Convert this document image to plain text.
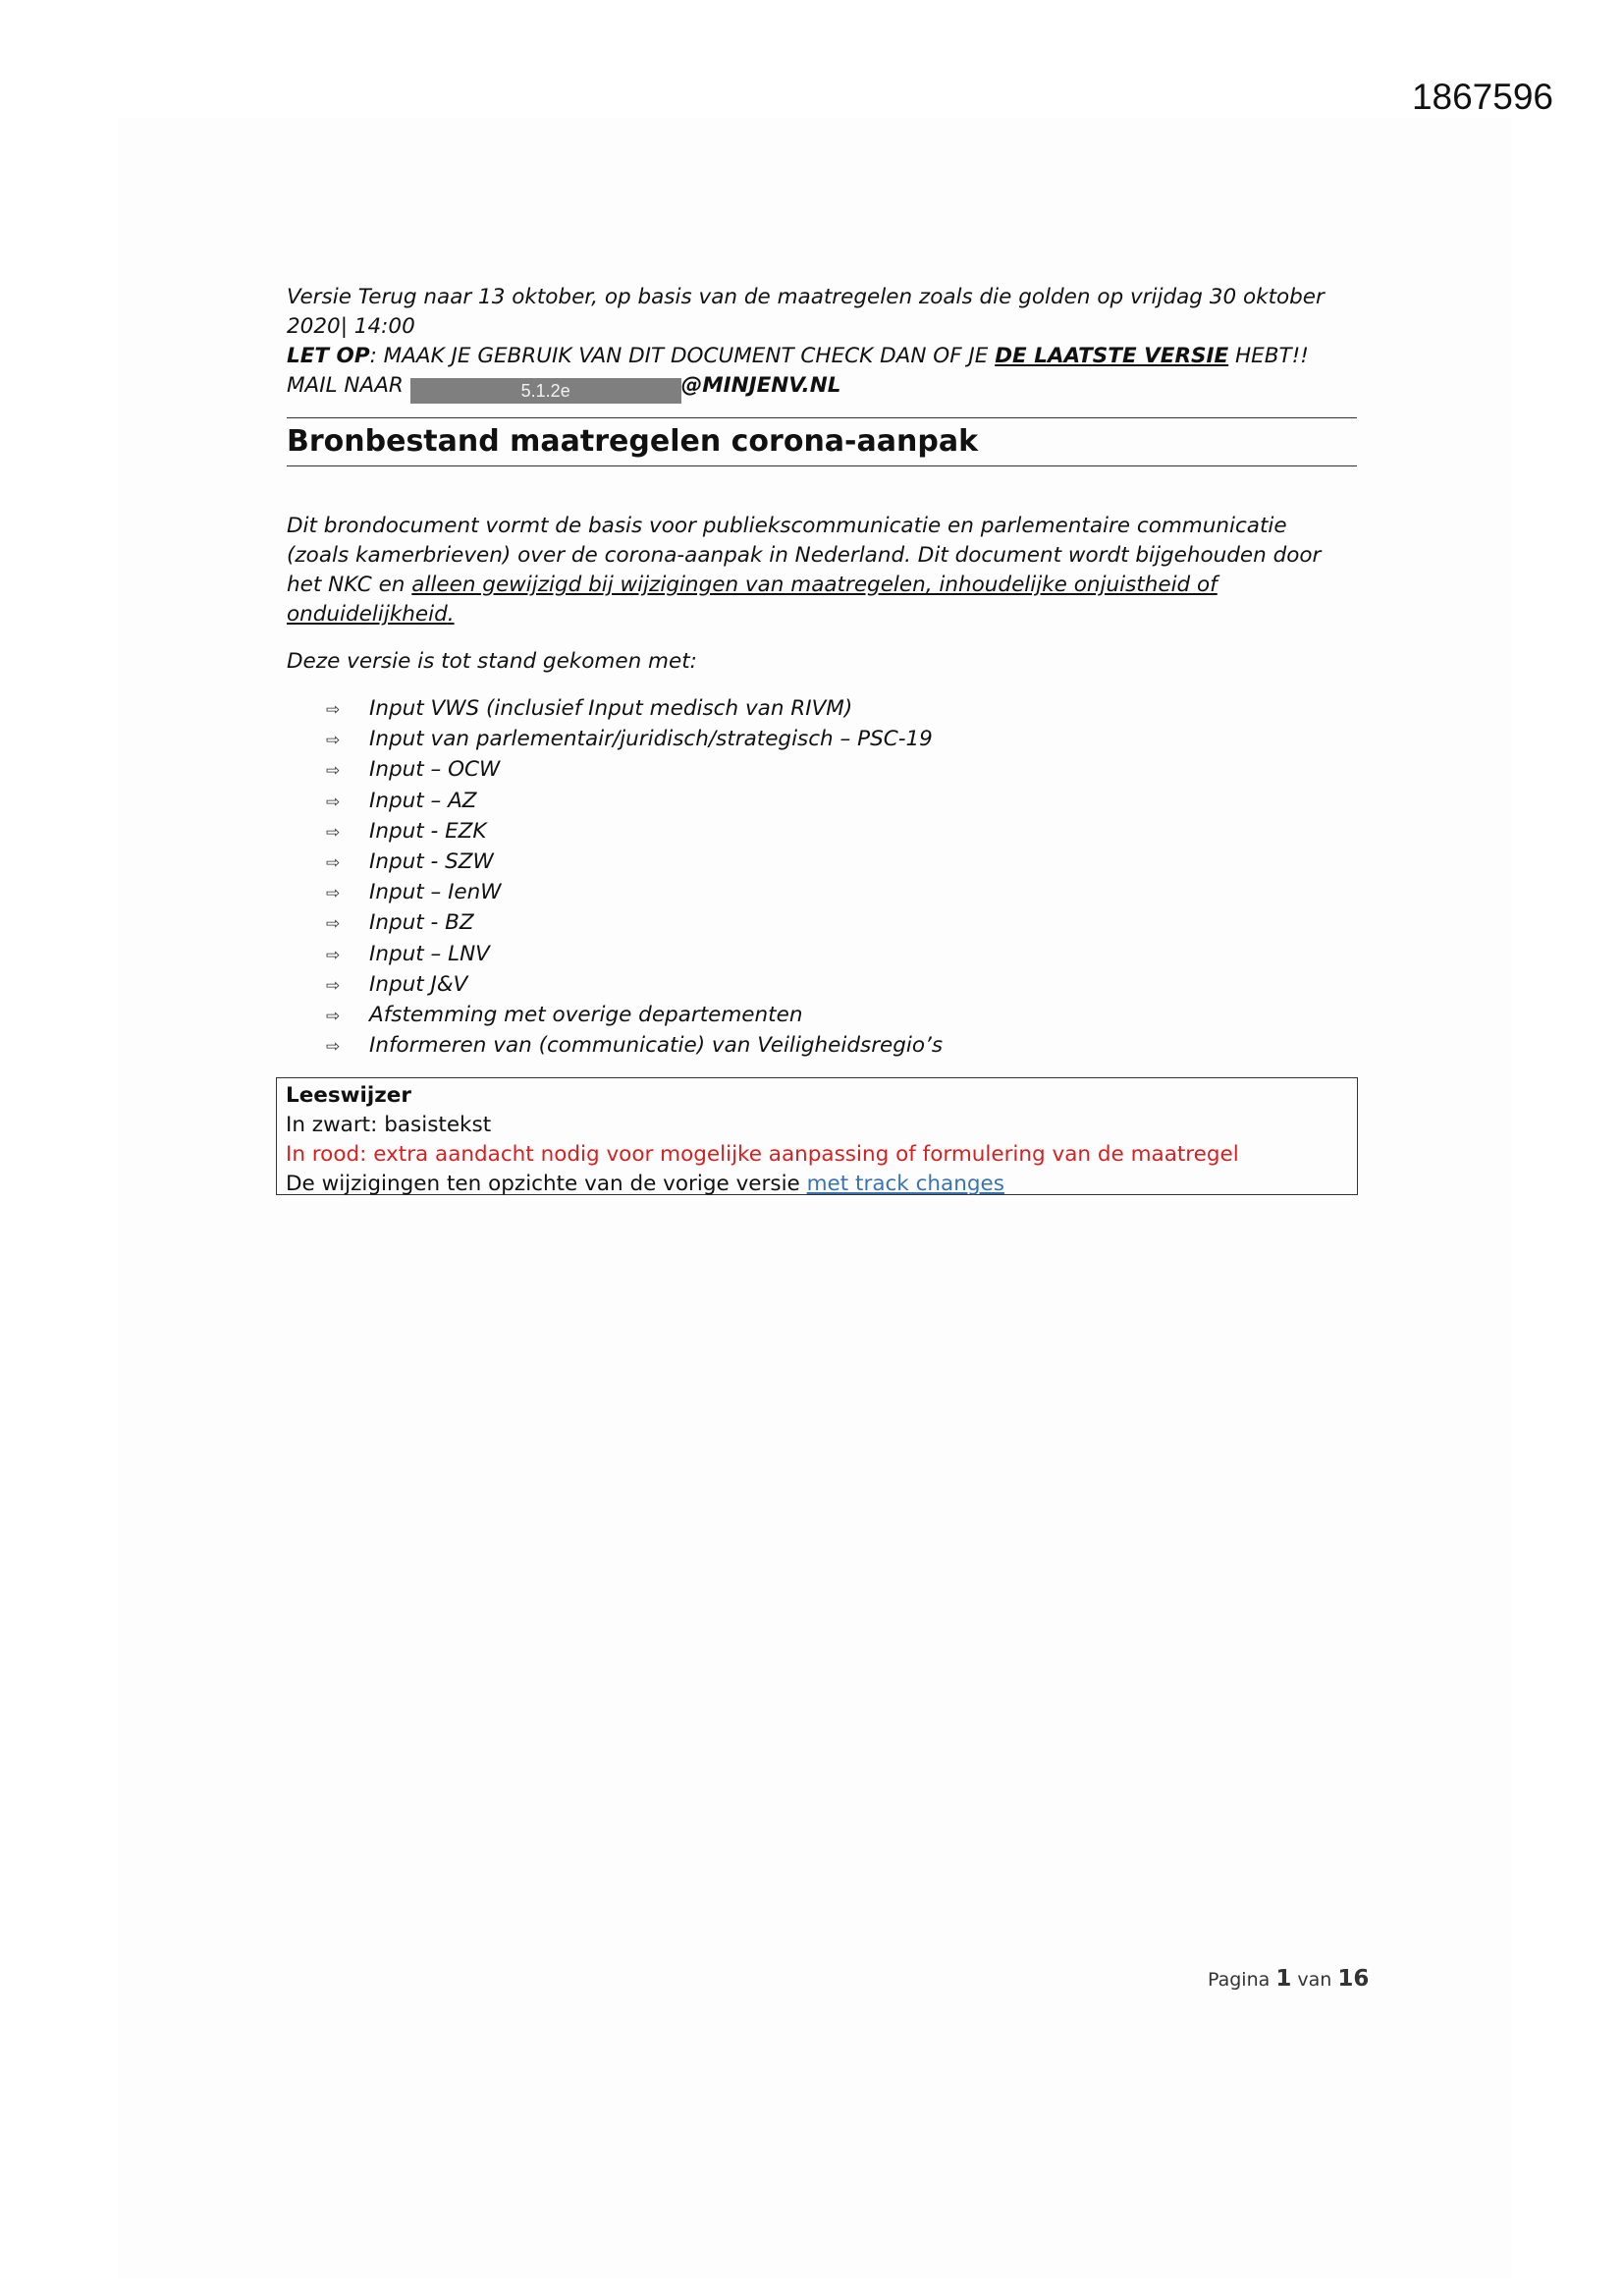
1867596
Versie Terug naar 13 oktober, op basis van de maatregelen zoals die golden op vrijdag 30 oktober
2020| 14:00
LET OP: MAAK JE GEBRUIK VAN DIT DOCUMENT CHECK DAN OF JE DE LAATSTE VERSIE HEBT!!
MAIL NAAR	5.1.2e	@MINJENV.NL
Bronbestand maatregelen corona-aanpak
Dit brondocument vormt de basis voor publiekscommunicatie en parlementaire communicatie
(zoals kamerbrieven) over de corona-aanpak in Nederland. Dit document wordt bijgehouden door
het NKC en alleen gewijzigd bij wijzigingen van maatregelen, inhoudelijke onjuistheid of
onduidelijkheid.
Deze versie is tot stand gekomen met:
⇨ Input VWS (inclusief Input medisch van RIVM)
⇨ Input van parlementair/juridisch/strategisch – PSC-19
⇨ Input – OCW
⇨ Input – AZ
⇨ Input - EZK
⇨ Input - SZW
⇨ Input – IenW
⇨ Input - BZ
⇨ Input – LNV
⇨ Input J&V
⇨ Afstemming met overige departementen
⇨ Informeren van (communicatie) van Veiligheidsregio’s
Leeswijzer
In zwart: basistekst
In rood: extra aandacht nodig voor mogelijke aanpassing of formulering van de maatregel
De wijzigingen ten opzichte van de vorige versie met track changes
Pagina 1 van 16
